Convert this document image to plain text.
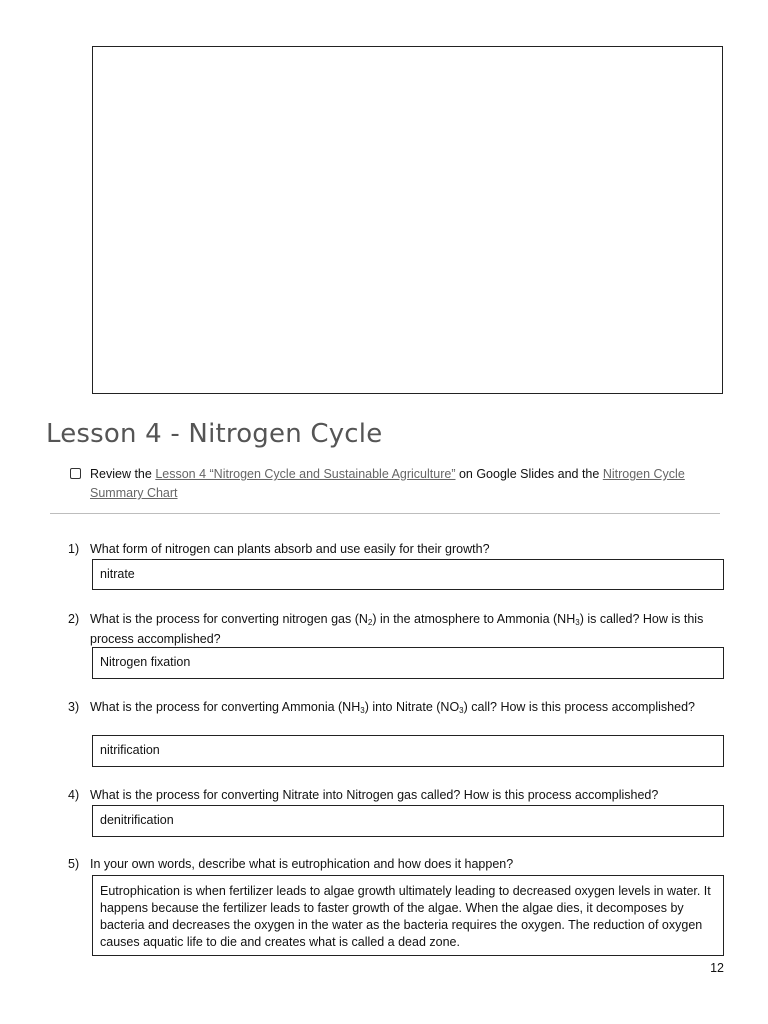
Lesson 4 - Nitrogen Cycle
Review the Lesson 4 “Nitrogen Cycle and Sustainable Agriculture” on Google Slides and the Nitrogen Cycle Summary Chart
1) What form of nitrogen can plants absorb and use easily for their growth?
nitrate
2) What is the process for converting nitrogen gas $(N_2)$ in the atmosphere to Ammonia $(NH_3)$ is called? How is this process accomplished?
Nitrogen fixation
3) What is the process for converting Ammonia $(NH_3)$ into Nitrate $(NO_3)$ call? How is this process accomplished?
nitrification
4) What is the process for converting Nitrate into Nitrogen gas called? How is this process accomplished?
denitrification
5) In your own words, describe what is eutrophication and how does it happen?
Eutrophication is when fertilizer leads to algae growth ultimately leading to decreased oxygen levels in water. It happens because the fertilizer leads to faster growth of the algae. When the algae dies, it decomposes by bacteria and decreases the oxygen in the water as the bacteria requires the oxygen. The reduction of oxygen causes aquatic life to die and creates what is called a dead zone.
12
